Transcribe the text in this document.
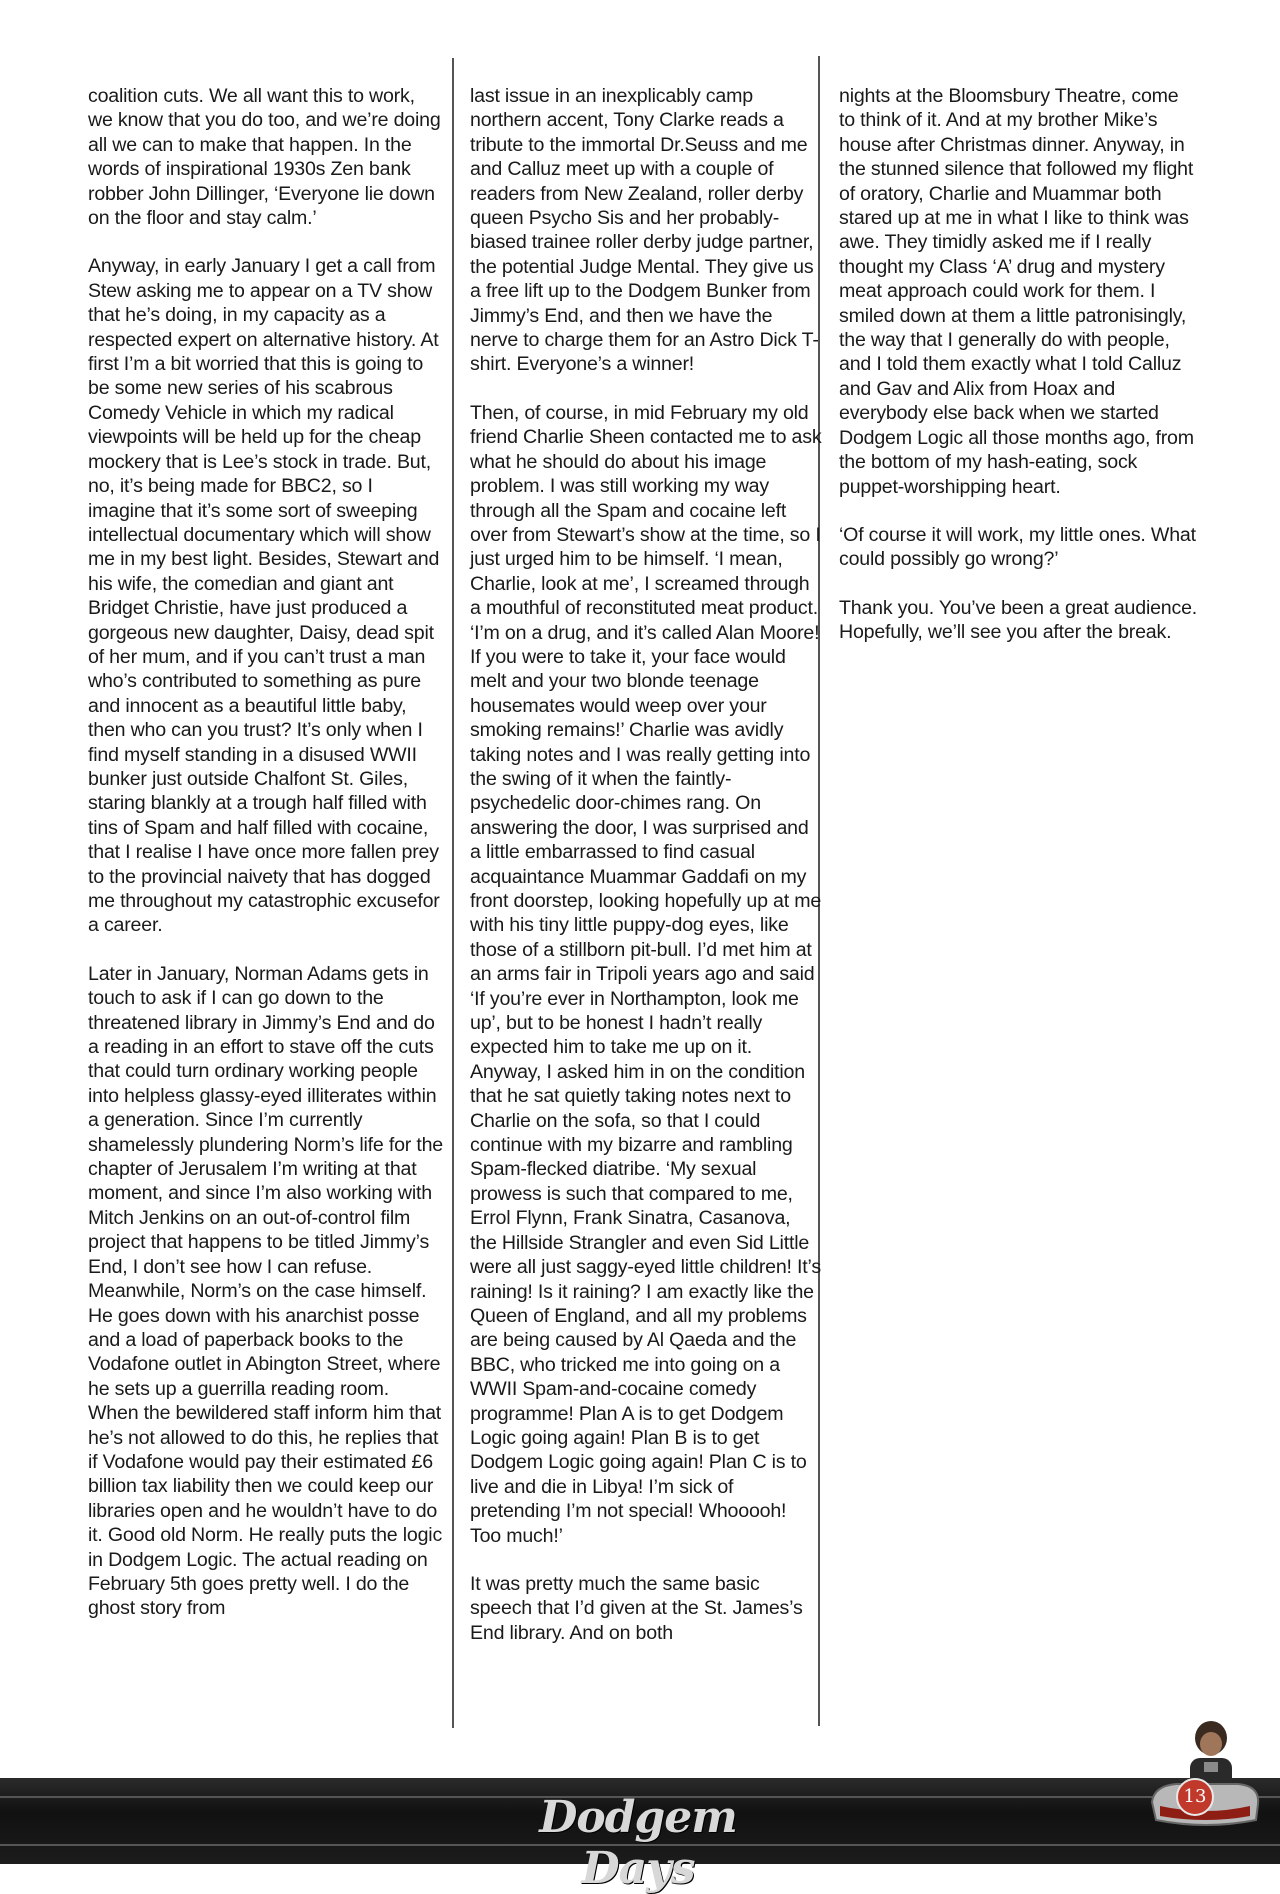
coalition cuts. We all want this to work, we know that you do too, and we’re doing all we can to make that happen. In the words of inspirational 1930s Zen bank robber John Dillinger, ‘Everyone lie down on the floor and stay calm.’

Anyway, in early January I get a call from Stew asking me to appear on a TV show that he’s doing, in my capacity as a respected expert on alternative history. At first I’m a bit worried that this is going to be some new series of his scabrous Comedy Vehicle in which my radical viewpoints will be held up for the cheap mockery that is Lee’s stock in trade. But, no, it’s being made for BBC2, so I imagine that it’s some sort of sweeping intellectual documentary which will show me in my best light. Besides, Stewart and his wife, the comedian and giant ant Bridget Christie, have just produced a gorgeous new daughter, Daisy, dead spit of her mum, and if you can’t trust a man who’s contributed to something as pure and innocent as a beautiful little baby, then who can you trust? It’s only when I find myself standing in a disused WWII bunker just outside Chalfont St. Giles, staring blankly at a trough half filled with tins of Spam and half filled with cocaine, that I realise I have once more fallen prey to the provincial naivety that has dogged me throughout my catastrophic excusefor a career.

Later in January, Norman Adams gets in touch to ask if I can go down to the threatened library in Jimmy’s End and do a reading in an effort to stave off the cuts that could turn ordinary working people into helpless glassy-eyed illiterates within a generation. Since I’m currently shamelessly plundering Norm’s life for the chapter of Jerusalem I’m writing at that moment, and since I’m also working with Mitch Jenkins on an out-of-control film project that happens to be titled Jimmy’s End, I don’t see how I can refuse. Meanwhile, Norm’s on the case himself. He goes down with his anarchist posse and a load of paperback books to the Vodafone outlet in Abington Street, where he sets up a guerrilla reading room. When the bewildered staff inform him that he’s not allowed to do this, he replies that if Vodafone would pay their estimated £6 billion tax liability then we could keep our libraries open and he wouldn’t have to do it. Good old Norm. He really puts the logic in Dodgem Logic. The actual reading on February 5th goes pretty well. I do the ghost story from

last issue in an inexplicably camp northern accent, Tony Clarke reads a tribute to the immortal Dr.Seuss and me and Calluz meet up with a couple of readers from New Zealand, roller derby queen Psycho Sis and her probably-biased trainee roller derby judge partner, the potential Judge Mental. They give us a free lift up to the Dodgem Bunker from Jimmy’s End, and then we have the nerve to charge them for an Astro Dick T-shirt. Everyone’s a winner!

Then, of course, in mid February my old friend Charlie Sheen contacted me to ask what he should do about his image problem. I was still working my way through all the Spam and cocaine left over from Stewart’s show at the time, so I just urged him to be himself. ‘I mean, Charlie, look at me’, I screamed through a mouthful of reconstituted meat product. ‘I’m on a drug, and it’s called Alan Moore! If you were to take it, your face would melt and your two blonde teenage housemates would weep over your smoking remains!’ Charlie was avidly taking notes and I was really getting into the swing of it when the faintly-psychedelic door-chimes rang. On answering the door, I was surprised and a little embarrassed to find casual acquaintance Muammar Gaddafi on my front doorstep, looking hopefully up at me with his tiny little puppy-dog eyes, like those of a stillborn pit-bull. I’d met him at an arms fair in Tripoli years ago and said ‘If you’re ever in Northampton, look me up’, but to be honest I hadn’t really expected him to take me up on it. Anyway, I asked him in on the condition that he sat quietly taking notes next to Charlie on the sofa, so that I could continue with my bizarre and rambling Spam-flecked diatribe. ‘My sexual prowess is such that compared to me, Errol Flynn, Frank Sinatra, Casanova, the Hillside Strangler and even Sid Little were all just saggy-eyed little children! It’s raining! Is it raining? I am exactly like the Queen of England, and all my problems are being caused by Al Qaeda and the BBC, who tricked me into going on a WWII Spam-and-cocaine comedy programme! Plan A is to get Dodgem Logic going again! Plan B is to get Dodgem Logic going again! Plan C is to live and die in Libya! I’m sick of pretending I’m not special! Whooooh! Too much!’

It was pretty much the same basic speech that I’d given at the St. James’s End library. And on both

nights at the Bloomsbury Theatre, come to think of it. And at my brother Mike’s house after Christmas dinner. Anyway, in the stunned silence that followed my flight of oratory, Charlie and Muammar both stared up at me in what I like to think was awe. They timidly asked me if I really thought my Class ‘A’ drug and mystery meat approach could work for them. I smiled down at them a little patronisingly, the way that I generally do with people, and I told them exactly what I told Calluz and Gav and Alix from Hoax and everybody else back when we started Dodgem Logic all those months ago, from the bottom of my hash-eating, sock puppet-worshipping heart.

‘Of course it will work, my little ones. What could possibly go wrong?’

Thank you. You’ve been a great audience. Hopefully, we’ll see you after the break.

Dodgem Days
13
